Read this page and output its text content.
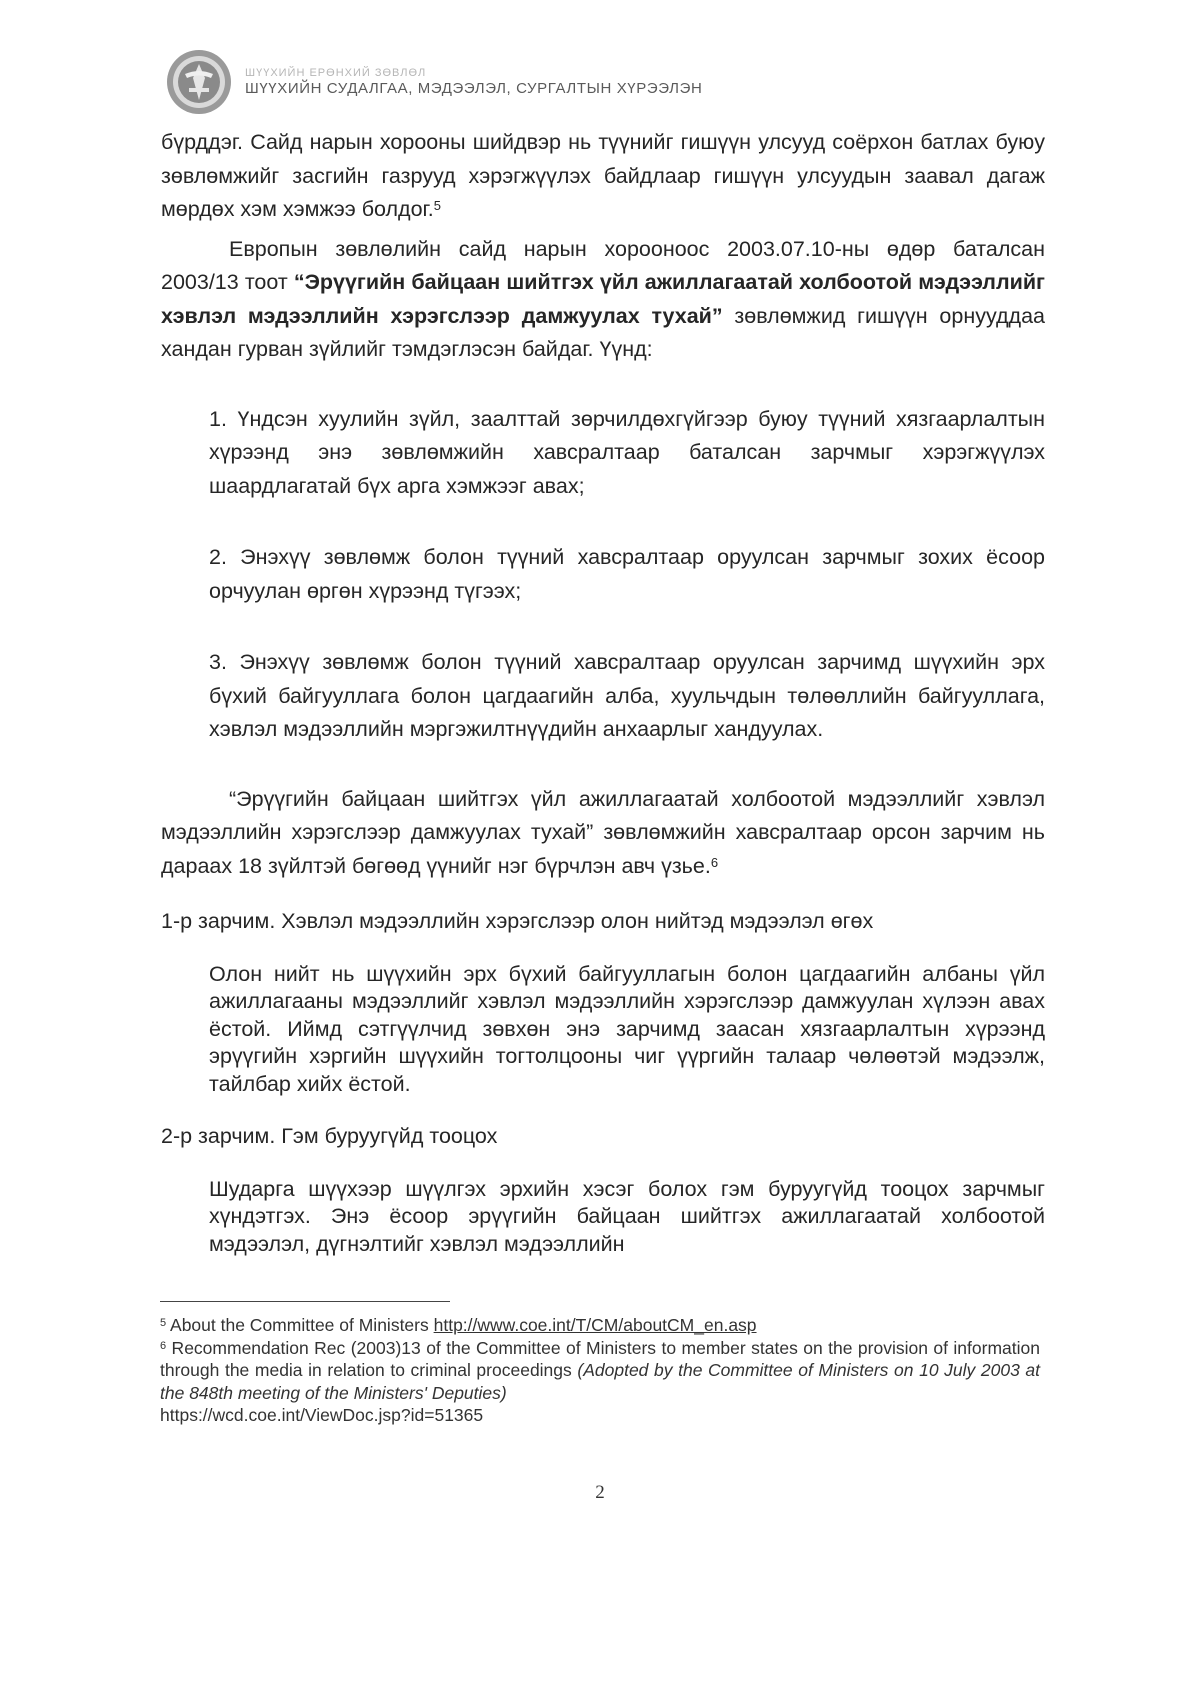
ШҮҮХИЙН ЕРӨНХИЙ ЗӨВЛӨЛ
ШҮҮХИЙН СУДАЛГАА, МЭДЭЭЛЭЛ, СУРГАЛТЫН ХҮРЭЭЛЭН

бүрддэг. Сайд нарын хорооны шийдвэр нь түүнийг гишүүн улсууд соёрхон батлах буюу зөвлөмжийг засгийн газрууд хэрэгжүүлэх байдлаар гишүүн улсуудын заавал дагаж мөрдөх хэм хэмжээ болдог.$^5$

Европын зөвлөлийн сайд нарын хорооноос 2003.07.10-ны өдөр баталсан 2003/13 тоот “Эрүүгийн байцаан шийтгэх үйл ажиллагаатай холбоотой мэдээллийг хэвлэл мэдээллийн хэрэгслээр дамжуулах тухай” зөвлөмжид гишүүн орнууддаа хандан гурван зүйлийг тэмдэглэсэн байдаг. Үүнд:

1. Үндсэн хуулийн зүйл, заалттай зөрчилдөхгүйгээр буюу түүний хязгаарлалтын хүрээнд энэ зөвлөмжийн хавсралтаар баталсан зарчмыг хэрэгжүүлэх шаардлагатай бүх арга хэмжээг авах;

2. Энэхүү зөвлөмж болон түүний хавсралтаар оруулсан зарчмыг зохих ёсоор орчуулан өргөн хүрээнд түгээх;

3. Энэхүү зөвлөмж болон түүний хавсралтаар оруулсан зарчимд шүүхийн эрх бүхий байгууллага болон цагдаагийн алба, хуульчдын төлөөллийн байгууллага, хэвлэл мэдээллийн мэргэжилтнүүдийн анхаарлыг хандуулах.

“Эрүүгийн байцаан шийтгэх үйл ажиллагаатай холбоотой мэдээллийг хэвлэл мэдээллийн хэрэгслээр дамжуулах тухай” зөвлөмжийн хавсралтаар орсон зарчим нь дараах 18 зүйлтэй бөгөөд үүнийг нэг бүрчлэн авч үзье.$^6$

1-р зарчим. Хэвлэл мэдээллийн хэрэгслээр олон нийтэд мэдээлэл өгөх

Олон нийт нь шүүхийн эрх бүхий байгууллагын болон цагдаагийн албаны үйл ажиллагааны мэдээллийг хэвлэл мэдээллийн хэрэгслээр дамжуулан хүлээн авах ёстой. Иймд сэтгүүлчид зөвхөн энэ зарчимд заасан хязгаарлалтын хүрээнд эрүүгийн хэргийн шүүхийн тогтолцооны чиг үүргийн талаар чөлөөтэй мэдээлж, тайлбар хийх ёстой.

2-р зарчим. Гэм буруугүйд тооцох

Шударга шүүхээр шүүлгэх эрхийн хэсэг болох гэм буруугүйд тооцох зарчмыг хүндэтгэх. Энэ ёсоор эрүүгийн байцаан шийтгэх ажиллагаатай холбоотой мэдээлэл, дүгнэлтийг хэвлэл мэдээллийн

$^5$ About the Committee of Ministers http://www.coe.int/T/CM/aboutCM_en.asp

$^6$ Recommendation Rec (2003)13 of the Committee of Ministers to member states on the provision of information through the media in relation to criminal proceedings (Adopted by the Committee of Ministers on 10 July 2003 at the 848th meeting of the Ministers' Deputies)
https://wcd.coe.int/ViewDoc.jsp?id=51365

2
